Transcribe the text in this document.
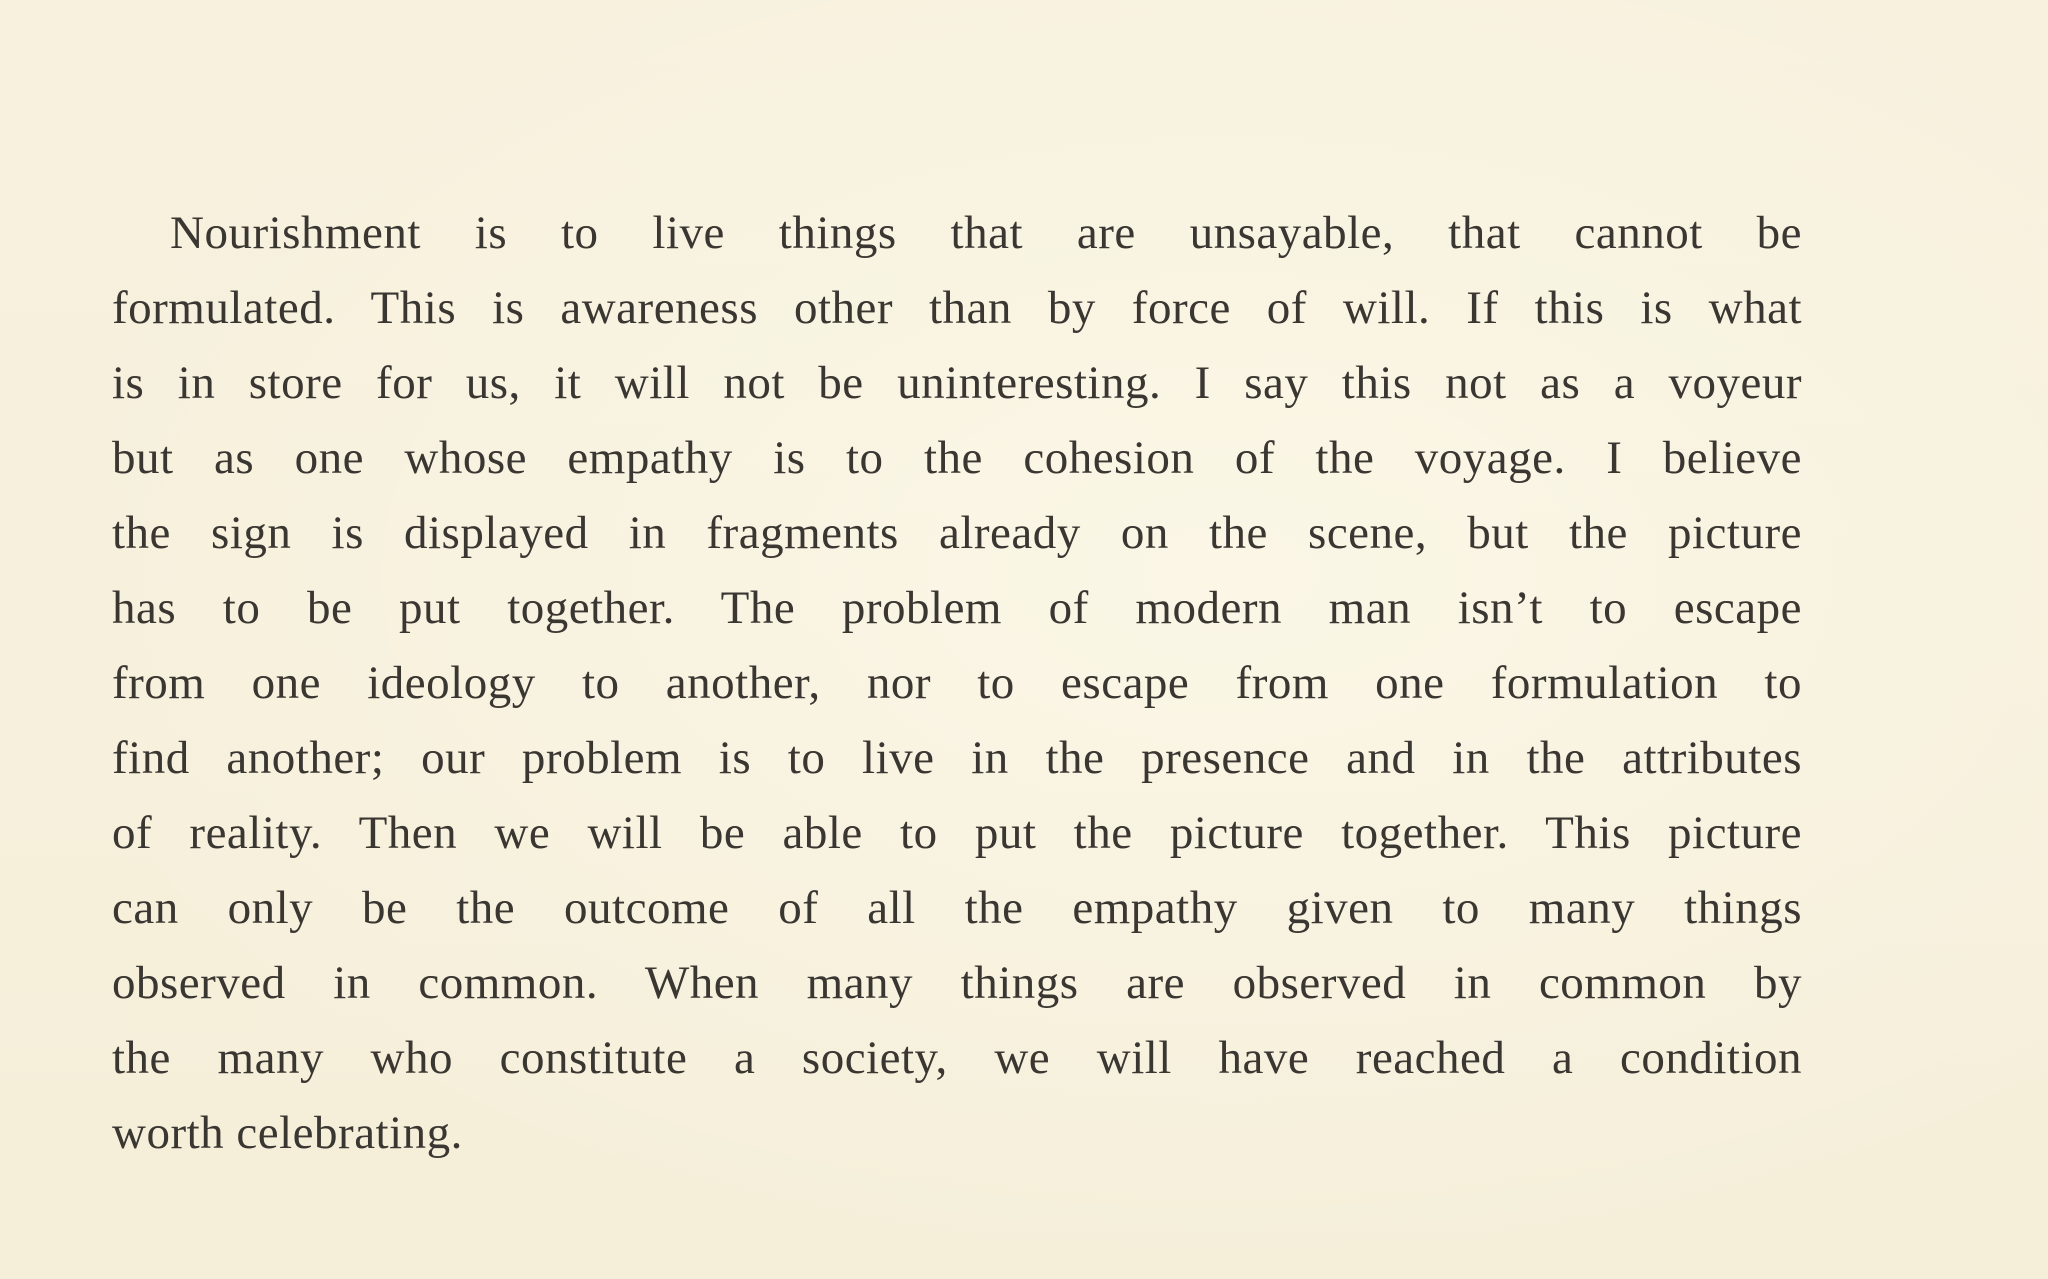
Nourishment is to live things that are unsayable, that cannot be
formulated. This is awareness other than by force of will. If this is what
is in store for us, it will not be uninteresting. I say this not as a voyeur
but as one whose empathy is to the cohesion of the voyage. I believe
the sign is displayed in fragments already on the scene, but the picture
has to be put together. The problem of modern man isn’t to escape
from one ideology to another, nor to escape from one formulation to
find another; our problem is to live in the presence and in the attributes
of reality. Then we will be able to put the picture together. This picture
can only be the outcome of all the empathy given to many things
observed in common. When many things are observed in common by
the many who constitute a society, we will have reached a condition
worth celebrating.
